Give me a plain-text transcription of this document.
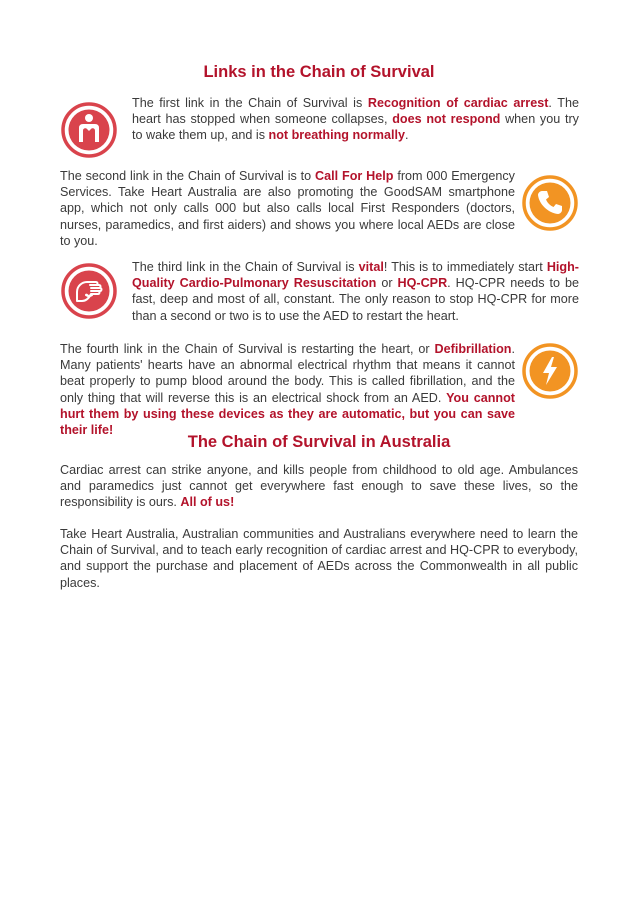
Links in the Chain of Survival

The first link in the Chain of Survival is Recognition of cardiac arrest. The heart has stopped when someone collapses, does not respond when you try to wake them up, and is not breathing normally.

The second link in the Chain of Survival is to Call For Help from 000 Emergency Services. Take Heart Australia are also promoting the GoodSAM smartphone app, which not only calls 000 but also calls local First Responders (doctors, nurses, paramedics, and first aiders) and shows you where local AEDs are close to you.

The third link in the Chain of Survival is vital! This is to immediately start High-Quality Cardio-Pulmonary Resuscitation or HQ-CPR. HQ-CPR needs to be fast, deep and most of all, constant. The only reason to stop HQ-CPR for more than a second or two is to use the AED to restart the heart.

The fourth link in the Chain of Survival is restarting the heart, or Defibrillation. Many patients' hearts have an abnormal electrical rhythm that means it cannot beat properly to pump blood around the body. This is called fibrillation, and the only thing that will reverse this is an electrical shock from an AED. You cannot hurt them by using these devices as they are automatic, but you can save their life!

The Chain of Survival in Australia

Cardiac arrest can strike anyone, and kills people from childhood to old age. Ambulances and paramedics just cannot get everywhere fast enough to save these lives, so the responsibility is ours. All of us!

Take Heart Australia, Australian communities and Australians everywhere need to learn the Chain of Survival, and to teach early recognition of cardiac arrest and HQ-CPR to everybody, and support the purchase and placement of AEDs across the Commonwealth in all public places.
